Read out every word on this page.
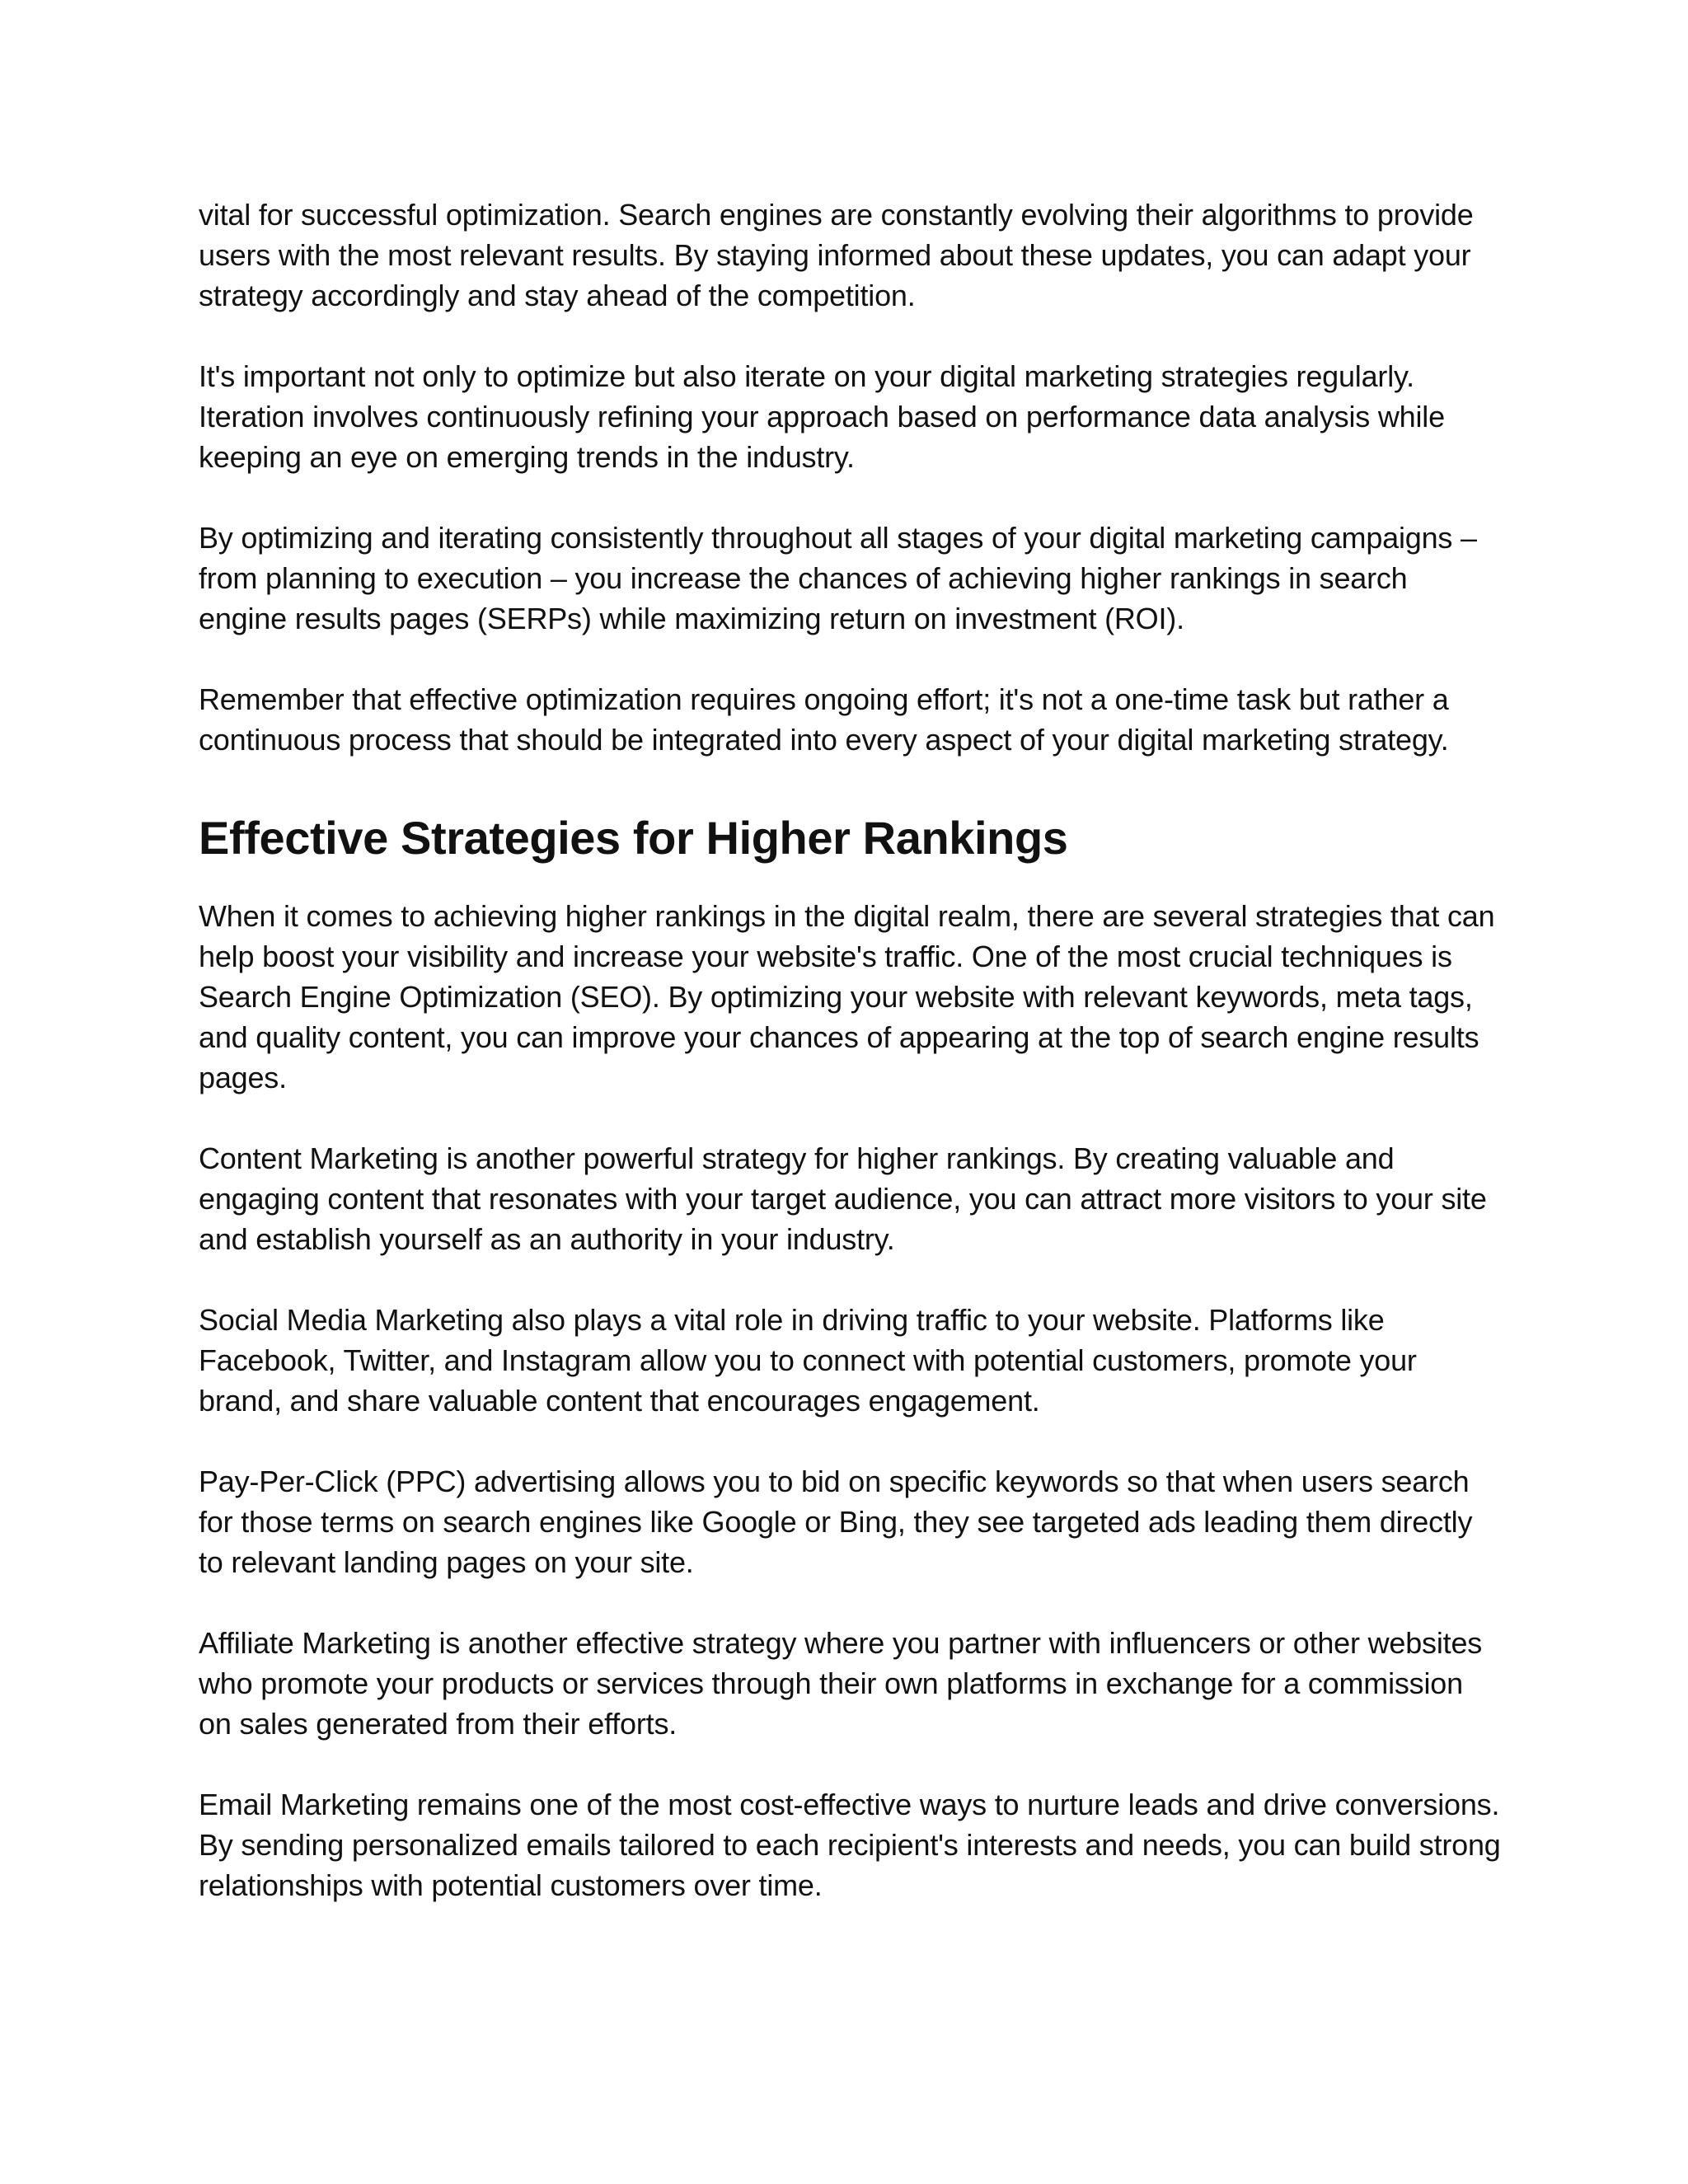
vital for successful optimization. Search engines are constantly evolving their algorithms to provide users with the most relevant results. By staying informed about these updates, you can adapt your strategy accordingly and stay ahead of the competition.

It's important not only to optimize but also iterate on your digital marketing strategies regularly. Iteration involves continuously refining your approach based on performance data analysis while keeping an eye on emerging trends in the industry.

By optimizing and iterating consistently throughout all stages of your digital marketing campaigns – from planning to execution – you increase the chances of achieving higher rankings in search engine results pages (SERPs) while maximizing return on investment (ROI).

Remember that effective optimization requires ongoing effort; it's not a one-time task but rather a continuous process that should be integrated into every aspect of your digital marketing strategy.

Effective Strategies for Higher Rankings

When it comes to achieving higher rankings in the digital realm, there are several strategies that can help boost your visibility and increase your website's traffic. One of the most crucial techniques is Search Engine Optimization (SEO). By optimizing your website with relevant keywords, meta tags, and quality content, you can improve your chances of appearing at the top of search engine results pages.

Content Marketing is another powerful strategy for higher rankings. By creating valuable and engaging content that resonates with your target audience, you can attract more visitors to your site and establish yourself as an authority in your industry.

Social Media Marketing also plays a vital role in driving traffic to your website. Platforms like Facebook, Twitter, and Instagram allow you to connect with potential customers, promote your brand, and share valuable content that encourages engagement.

Pay-Per-Click (PPC) advertising allows you to bid on specific keywords so that when users search for those terms on search engines like Google or Bing, they see targeted ads leading them directly to relevant landing pages on your site.

Affiliate Marketing is another effective strategy where you partner with influencers or other websites who promote your products or services through their own platforms in exchange for a commission on sales generated from their efforts.

Email Marketing remains one of the most cost-effective ways to nurture leads and drive conversions. By sending personalized emails tailored to each recipient's interests and needs, you can build strong relationships with potential customers over time.
